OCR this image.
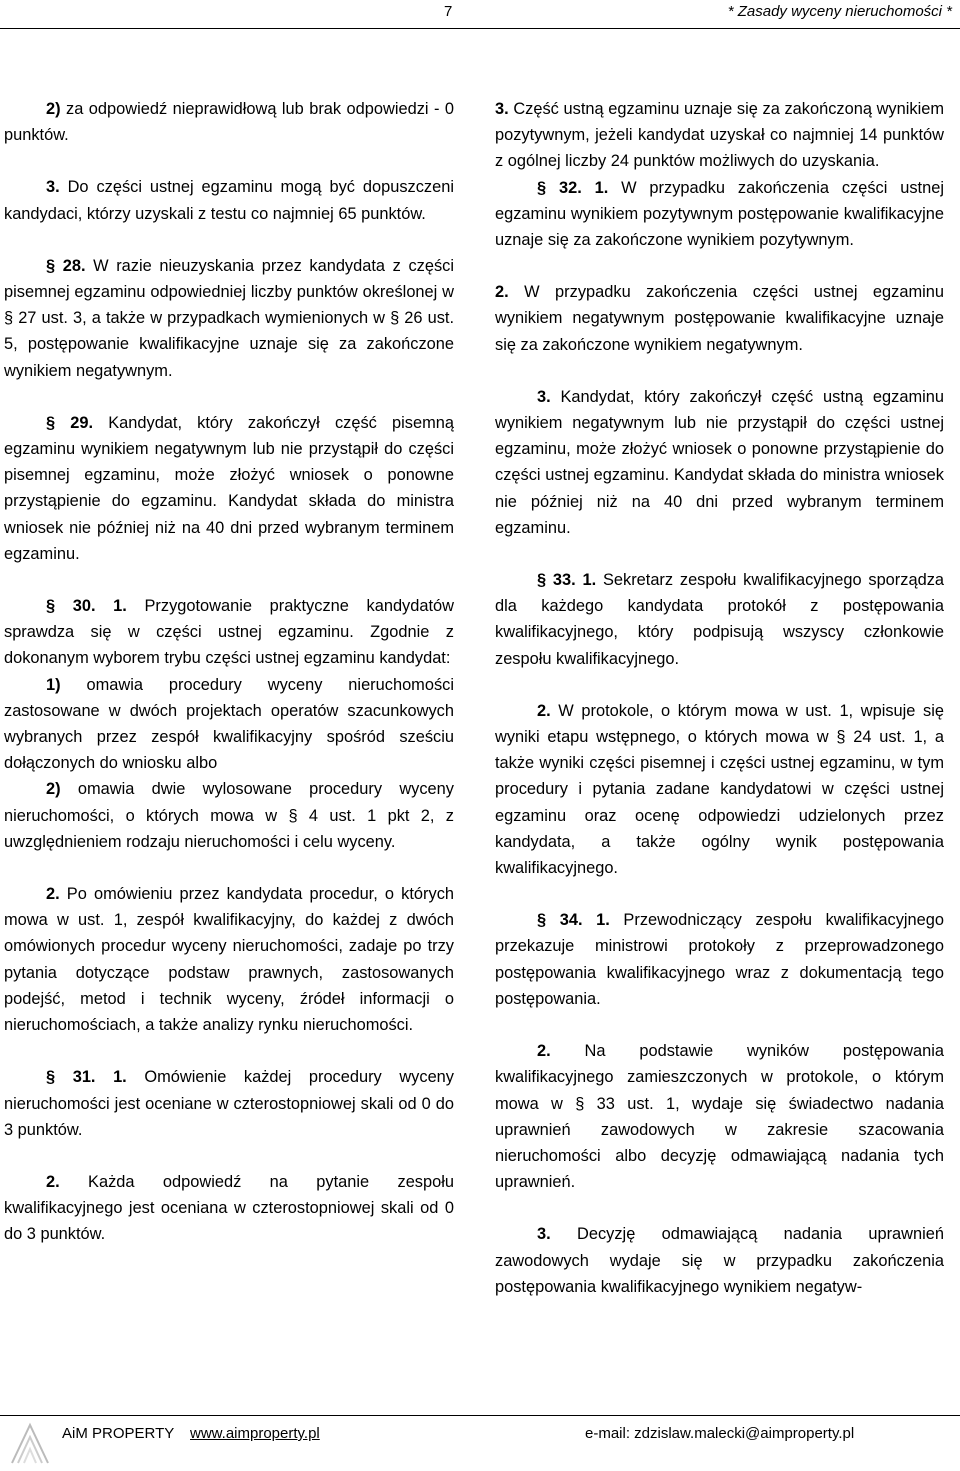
7	* Zasady wyceny nieruchomości *

2) za odpowiedź nieprawidłową lub brak odpowiedzi - 0 punktów.

3. Do części ustnej egzaminu mogą być dopuszczeni kandydaci, którzy uzyskali z testu co najmniej 65 punktów.

§ 28. W razie nieuzyskania przez kandydata z części pisemnej egzaminu odpowiedniej liczby punktów określonej w § 27 ust. 3, a także w przypadkach wymienionych w § 26 ust. 5, postępowanie kwalifikacyjne uznaje się za zakończone wynikiem negatywnym.

§ 29. Kandydat, który zakończył część pisemną egzaminu wynikiem negatywnym lub nie przystąpił do części pisemnej egzaminu, może złożyć wniosek o ponowne przystąpienie do egzaminu. Kandydat składa do ministra wniosek nie później niż na 40 dni przed wybranym terminem egzaminu.

§ 30. 1. Przygotowanie praktyczne kandydatów sprawdza się w części ustnej egzaminu. Zgodnie z dokonanym wyborem trybu części ustnej egzaminu kandydat:

1) omawia procedury wyceny nieruchomości zastosowane w dwóch projektach operatów szacunkowych wybranych przez zespół kwalifikacyjny spośród sześciu dołączonych do wniosku albo

2) omawia dwie wylosowane procedury wyceny nieruchomości, o których mowa w § 4 ust. 1 pkt 2, z uwzględnieniem rodzaju nieruchomości i celu wyceny.

2. Po omówieniu przez kandydata procedur, o których mowa w ust. 1, zespół kwalifikacyjny, do każdej z dwóch omówionych procedur wyceny nieruchomości, zadaje po trzy pytania dotyczące podstaw prawnych, zastosowanych podejść, metod i technik wyceny, źródeł informacji o nieruchomościach, a także analizy rynku nieruchomości.

§ 31. 1. Omówienie każdej procedury wyceny nieruchomości jest oceniane w czterostopniowej skali od 0 do 3 punktów.

2. Każda odpowiedź na pytanie zespołu kwalifikacyjnego jest oceniana w czterostopniowej skali od 0 do 3 punktów.

3. Część ustną egzaminu uznaje się za zakończoną wynikiem pozytywnym, jeżeli kandydat uzyskał co najmniej 14 punktów z ogólnej liczby 24 punktów możliwych do uzyskania.

§ 32. 1. W przypadku zakończenia części ustnej egzaminu wynikiem pozytywnym postępowanie kwalifikacyjne uznaje się za zakończone wynikiem pozytywnym.

2. W przypadku zakończenia części ustnej egzaminu wynikiem negatywnym postępowanie kwalifikacyjne uznaje się za zakończone wynikiem negatywnym.

3. Kandydat, który zakończył część ustną egzaminu wynikiem negatywnym lub nie przystąpił do części ustnej egzaminu, może złożyć wniosek o ponowne przystąpienie do części ustnej egzaminu. Kandydat składa do ministra wniosek nie później niż na 40 dni przed wybranym terminem egzaminu.

§ 33. 1. Sekretarz zespołu kwalifikacyjnego sporządza dla każdego kandydata protokół z postępowania kwalifikacyjnego, który podpisują wszyscy członkowie zespołu kwalifikacyjnego.

2. W protokole, o którym mowa w ust. 1, wpisuje się wyniki etapu wstępnego, o których mowa w § 24 ust. 1, a także wyniki części pisemnej i części ustnej egzaminu, w tym procedury i pytania zadane kandydatowi w części ustnej egzaminu oraz ocenę odpowiedzi udzielonych przez kandydata, a także ogólny wynik postępowania kwalifikacyjnego.

§ 34. 1. Przewodniczący zespołu kwalifikacyjnego przekazuje ministrowi protokoły z przeprowadzonego postępowania kwalifikacyjnego wraz z dokumentacją tego postępowania.

2. Na podstawie wyników postępowania kwalifikacyjnego zamieszczonych w protokole, o którym mowa w § 33 ust. 1, wydaje się świadectwo nadania uprawnień zawodowych w zakresie szacowania nieruchomości albo decyzję odmawiającą nadania tych uprawnień.

3. Decyzję odmawiającą nadania uprawnień zawodowych wydaje się w przypadku zakończenia postępowania kwalifikacyjnego wynikiem negatyw-

AiM PROPERTY www.aimproperty.pl	e-mail: zdzislaw.malecki@aimproperty.pl
